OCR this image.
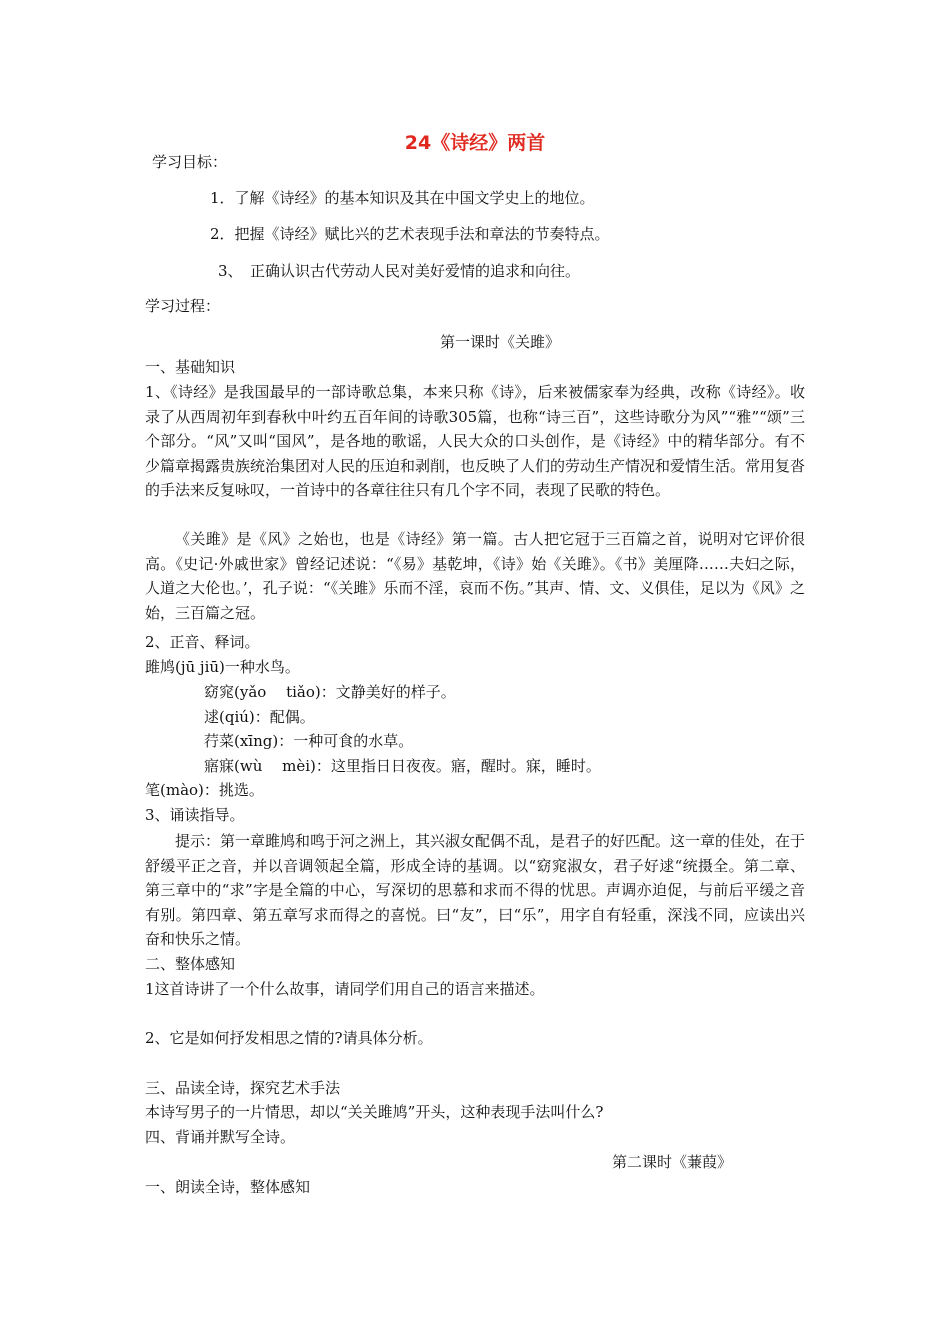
24《诗经》两首

学习目标：

1．了解《诗经》的基本知识及其在中国文学史上的地位。

2．把握《诗经》赋比兴的艺术表现手法和章法的节奏特点。

3、　正确认识古代劳动人民对美好爱情的追求和向往。

学习过程：

第一课时《关雎》

一、基础知识

1、《诗经》是我国最早的一部诗歌总集，本来只称《诗》，后来被儒家奉为经典，改称《诗经》。收录了从西周初年到春秋中叶约五百年间的诗歌305篇，也称“诗三百”，这些诗歌分为风”“雅”“颂”三个部分。“风”又叫“国风”，是各地的歌谣，人民大众的口头创作，是《诗经》中的精华部分。有不少篇章揭露贵族统治集团对人民的压迫和剥削，也反映了人们的劳动生产情况和爱情生活。常用复沓的手法来反复咏叹，一首诗中的各章往往只有几个字不同，表现了民歌的特色。

《关雎》是《风》之始也，也是《诗经》第一篇。古人把它冠于三百篇之首，说明对它评价很高。《史记·外戚世家》曾经记述说：“《易》基乾坤，《诗》始《关雎》。《书》美厘降……夫妇之际，人道之大伦也。’，孔子说：“《关雎》乐而不淫，哀而不伤。”其声、情、文、义俱佳，足以为《风》之始，三百篇之冠。

2、正音、释词。

雎鸠(jū jiū)一种水鸟。

窈窕(yǎo　 tiǎo)：文静美好的样子。

逑(qiú)：配偶。

荇菜(xīng)：一种可食的水草。

寤寐(wù　 mèi)：这里指日日夜夜。寤，醒时。寐，睡时。

笔(mào)：挑选。

3、诵读指导。

提示：第一章雎鸠和鸣于河之洲上，其兴淑女配偶不乱，是君子的好匹配。这一章的佳处，在于舒缓平正之音，并以音调领起全篇，形成全诗的基调。以“窈窕淑女，君子好逑“统摄全。第二章、第三章中的“求”字是全篇的中心，写深切的思慕和求而不得的忧思。声调亦迫促，与前后平缓之音有别。第四章、第五章写求而得之的喜悦。曰“友”，曰“乐”，用字自有轻重，深浅不同，应读出兴奋和快乐之情。

二、整体感知

1这首诗讲了一个什么故事，请同学们用自己的语言来描述。

2、它是如何抒发相思之情的?请具体分析。

三、品读全诗，探究艺术手法

本诗写男子的一片情思，却以“关关雎鸠”开头，这种表现手法叫什么?

四、背诵并默写全诗。

第二课时《蒹葭》

一、朗读全诗，整体感知
